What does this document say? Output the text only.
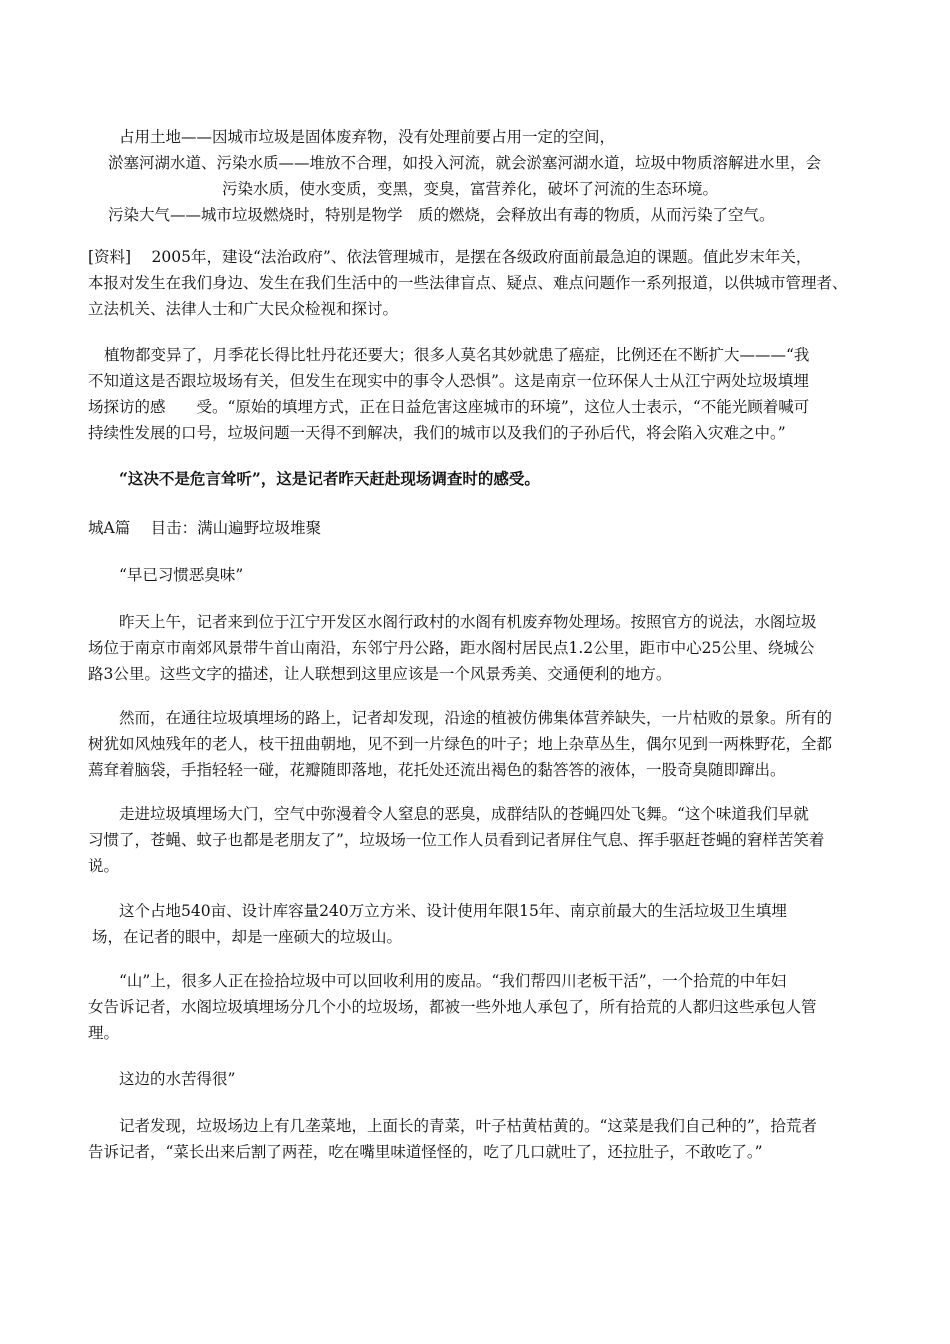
占用土地——因城市垃圾是固体废弃物，没有处理前要占用一定的空间，
淤塞河湖水道、污染水质——堆放不合理，如投入河流，就会淤塞河湖水道，垃圾中物质溶解进水里，会
污染水质，使水变质，变黑，变臭，富营养化，破坏了河流的生态环境。
污染大气——城市垃圾燃烧时，特别是物学　质的燃烧，会释放出有毒的物质，从而污染了空气。
[资料]　 2005年，建设“法治政府”、依法管理城市，是摆在各级政府面前最急迫的课题。值此岁末年关，
本报对发生在我们身边、发生在我们生活中的一些法律盲点、疑点、难点问题作一系列报道，以供城市管理者、
立法机关、法律人士和广大民众检视和探讨。
植物都变异了，月季花长得比牡丹花还要大；很多人莫名其妙就患了癌症，比例还在不断扩大———“我
不知道这是否跟垃圾场有关，但发生在现实中的事令人恐惧”。这是南京一位环保人士从江宁两处垃圾填埋
场探访的感　　受。“原始的填埋方式，正在日益危害这座城市的环境”，这位人士表示，“不能光顾着喊可
持续性发展的口号，垃圾问题一天得不到解决，我们的城市以及我们的子孙后代，将会陷入灾难之中。”
“这决不是危言耸听”，这是记者昨天赶赴现场调查时的感受。
城A篇　 目击：满山遍野垃圾堆聚
“早已习惯恶臭味”
昨天上午，记者来到位于江宁开发区水阁行政村的水阁有机废弃物处理场。按照官方的说法，水阁垃圾
场位于南京市南郊风景带牛首山南沿，东邻宁丹公路，距水阁村居民点1.2公里，距市中心25公里、绕城公
路3公里。这些文字的描述，让人联想到这里应该是一个风景秀美、交通便利的地方。
然而，在通往垃圾填埋场的路上，记者却发现，沿途的植被仿佛集体营养缺失，一片枯败的景象。所有的
树犹如风烛残年的老人，枝干扭曲朝地，见不到一片绿色的叶子；地上杂草丛生，偶尔见到一两株野花，全都
蔫耷着脑袋，手指轻轻一碰，花瓣随即落地，花托处还流出褐色的黏答答的液体，一股奇臭随即蹿出。
走进垃圾填埋场大门，空气中弥漫着令人窒息的恶臭，成群结队的苍蝇四处飞舞。“这个味道我们早就
习惯了，苍蝇、蚊子也都是老朋友了”，垃圾场一位工作人员看到记者屏住气息、挥手驱赶苍蝇的窘样苦笑着
说。
这个占地540亩、设计库容量240万立方米、设计使用年限15年、南京前最大的生活垃圾卫生填埋
场，在记者的眼中，却是一座硕大的垃圾山。
“山”上，很多人正在捡拾垃圾中可以回收利用的废品。“我们帮四川老板干活”，一个拾荒的中年妇
女告诉记者，水阁垃圾填埋场分几个小的垃圾场，都被一些外地人承包了，所有拾荒的人都归这些承包人管
理。
这边的水苦得很”
记者发现，垃圾场边上有几垄菜地，上面长的青菜，叶子枯黄枯黄的。“这菜是我们自己种的”，拾荒者
告诉记者，“菜长出来后割了两茬，吃在嘴里味道怪怪的，吃了几口就吐了，还拉肚子，不敢吃了。”
